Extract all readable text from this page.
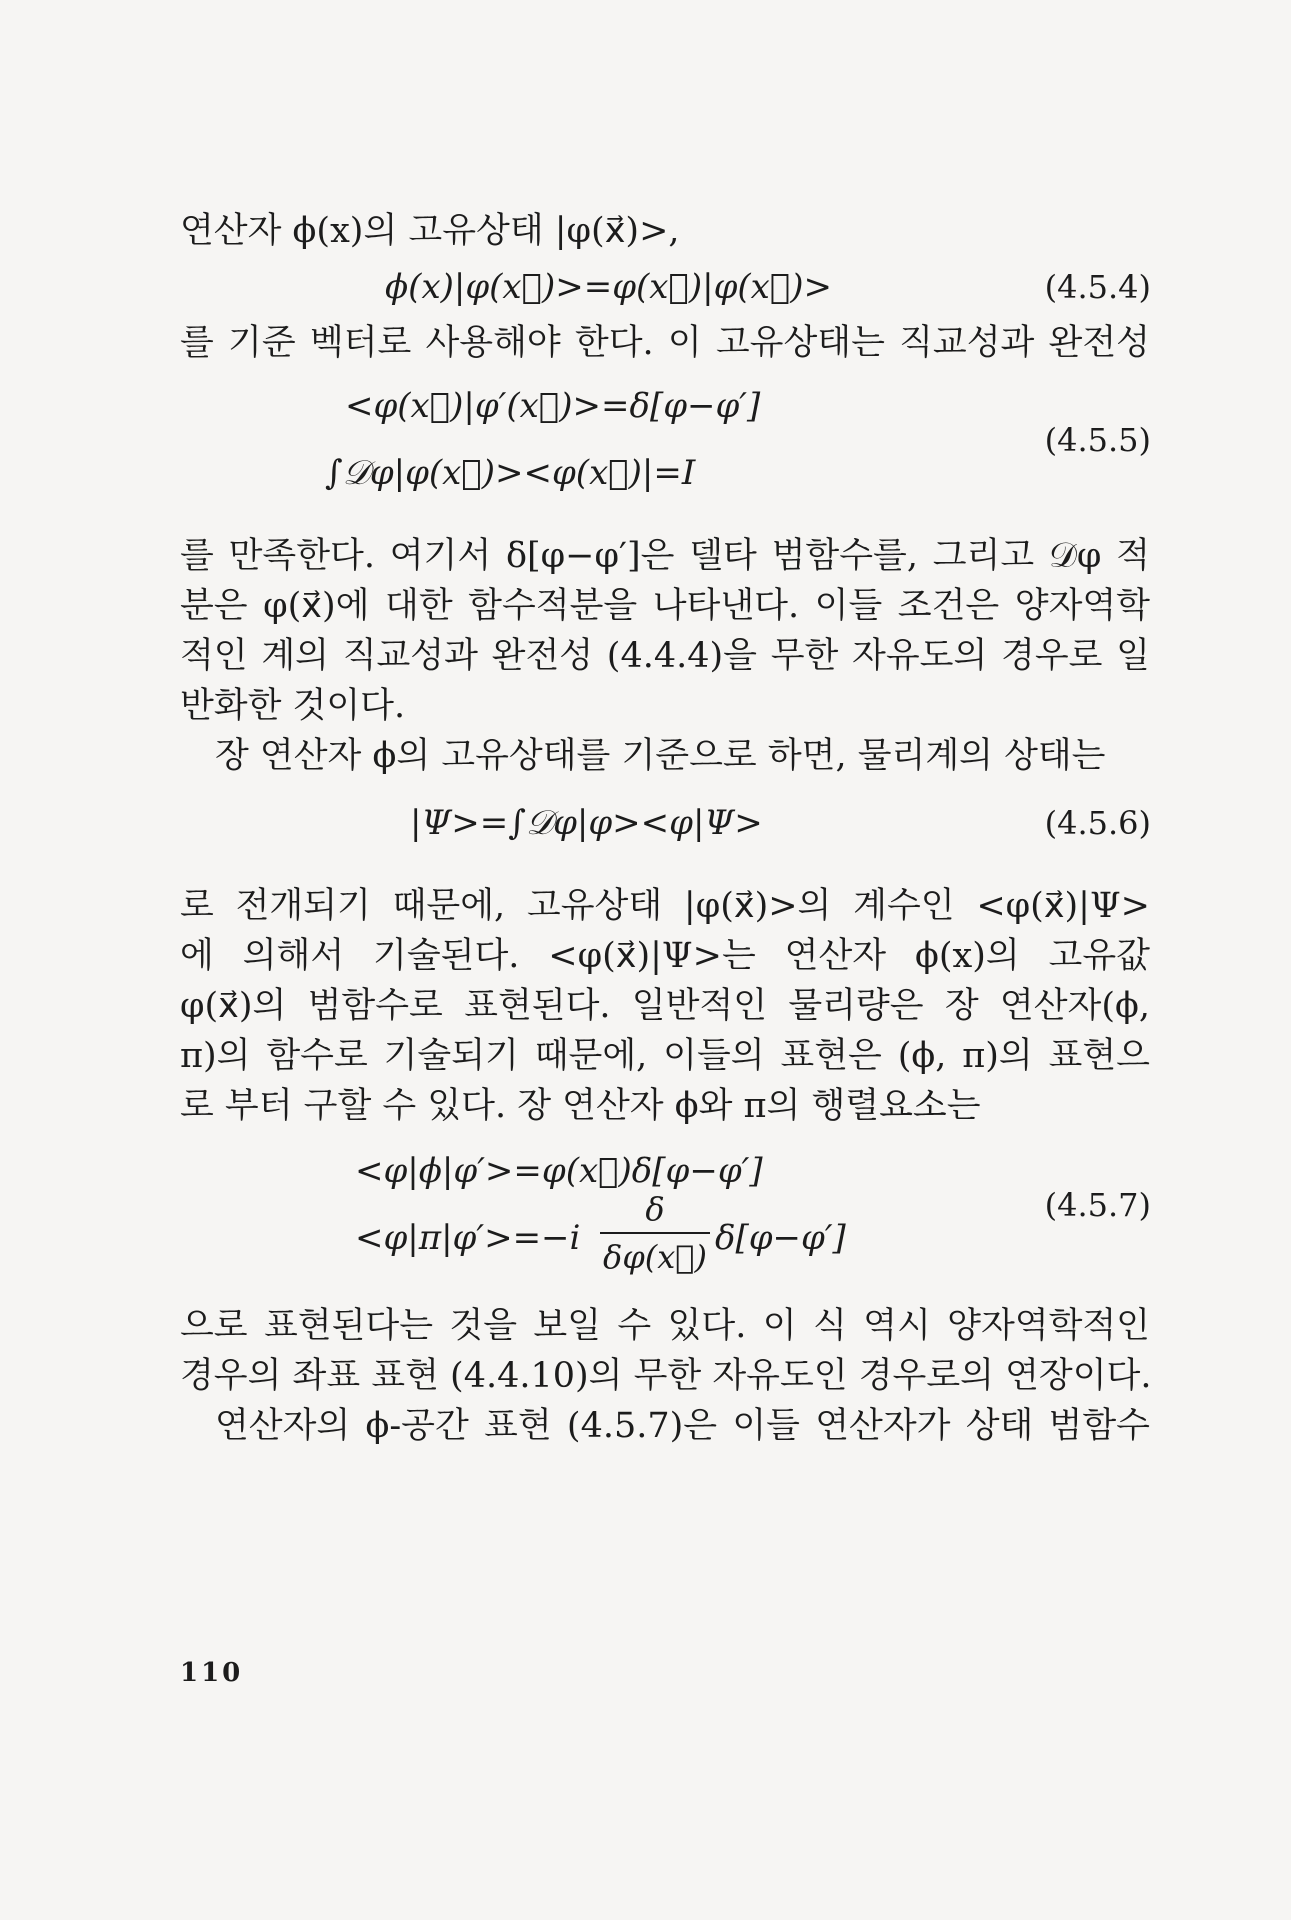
연산자 ϕ(x)의 고유상태 |φ(x⃗)>,
ϕ(x)|φ(x⃗)>=φ(x⃗)|φ(x⃗)>	(4.5.4)
를 기준 벡터로 사용해야 한다. 이 고유상태는 직교성과 완전성
<φ(x⃗)|φ′(x⃗)>=δ[φ−φ′]
∫𝒟φ|φ(x⃗)><φ(x⃗)|=I
(4.5.5)
를 만족한다. 여기서 δ[φ−φ′]은 델타 범함수를, 그리고 𝒟φ 적
분은 φ(x⃗)에 대한 함수적분을 나타낸다. 이들 조건은 양자역학
적인 계의 직교성과 완전성 (4.4.4)을 무한 자유도의 경우로 일
반화한 것이다.
장 연산자 ϕ의 고유상태를 기준으로 하면, 물리계의 상태는
|Ψ>=∫𝒟φ|φ><φ|Ψ>	(4.5.6)
로 전개되기 때문에, 고유상태 |φ(x⃗)>의 계수인 <φ(x⃗)|Ψ>
에 의해서 기술된다. <φ(x⃗)|Ψ>는 연산자 ϕ(x)의 고유값
φ(x⃗)의 범함수로 표현된다. 일반적인 물리량은 장 연산자(ϕ,
π)의 함수로 기술되기 때문에, 이들의 표현은 (ϕ, π)의 표현으
로 부터 구할 수 있다. 장 연산자 ϕ와 π의 행렬요소는
<φ|ϕ|φ′>=φ(x⃗)δ[φ−φ′]
<φ|π|φ′>=−i
δ
δφ(x⃗) δ[φ−φ′]
(4.5.7)
으로 표현된다는 것을 보일 수 있다. 이 식 역시 양자역학적인
경우의 좌표 표현 (4.4.10)의 무한 자유도인 경우로의 연장이다.
연산자의 ϕ-공간 표현 (4.5.7)은 이들 연산자가 상태 범함수
110
